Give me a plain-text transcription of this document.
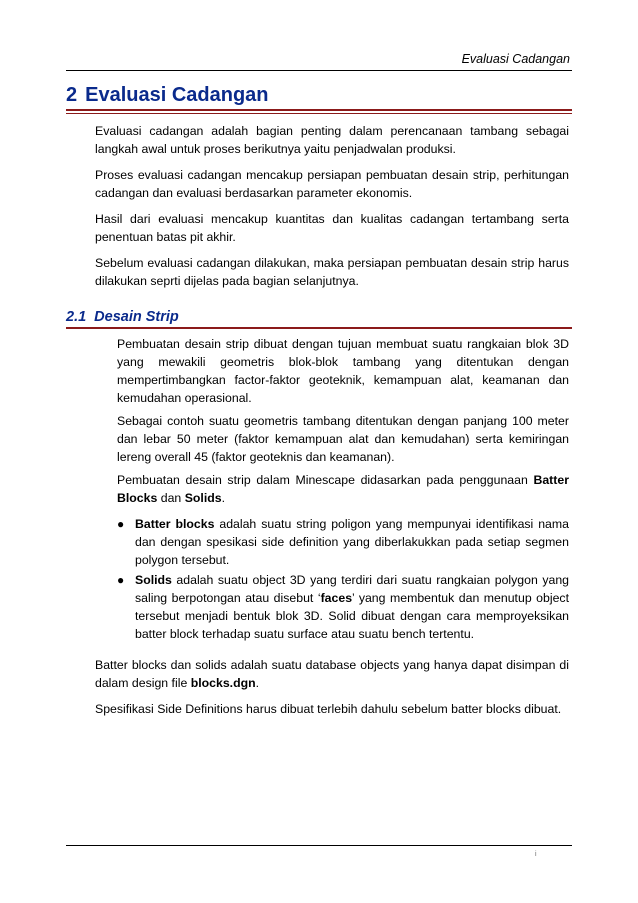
Evaluasi Cadangan
2 Evaluasi Cadangan

Evaluasi cadangan adalah bagian penting dalam perencanaan tambang sebagai langkah awal untuk proses berikutnya yaitu penjadwalan produksi.

Proses evaluasi cadangan mencakup persiapan pembuatan desain strip, perhitungan cadangan dan evaluasi berdasarkan parameter ekonomis.

Hasil dari evaluasi mencakup kuantitas dan kualitas cadangan tertambang serta penentuan batas pit akhir.

Sebelum evaluasi cadangan dilakukan, maka persiapan pembuatan desain strip harus dilakukan seprti dijelas pada bagian selanjutnya.

2.1 Desain Strip

Pembuatan desain strip dibuat dengan tujuan membuat suatu rangkaian blok 3D yang mewakili geometris blok-blok tambang yang ditentukan dengan mempertimbangkan factor-faktor geoteknik, kemampuan alat, keamanan dan kemudahan operasional.

Sebagai contoh suatu geometris tambang ditentukan dengan panjang 100 meter dan lebar 50 meter (faktor kemampuan alat dan kemudahan) serta kemiringan lereng overall 45 (faktor geoteknis dan keamanan).

Pembuatan desain strip dalam Minescape didasarkan pada penggunaan Batter Blocks dan Solids.

● Batter blocks adalah suatu string poligon yang mempunyai identifikasi nama dan dengan spesikasi side definition yang diberlakukkan pada setiap segmen polygon tersebut.
● Solids adalah suatu object 3D yang terdiri dari suatu rangkaian polygon yang saling berpotongan atau disebut ‘faces’ yang membentuk dan menutup object tersebut menjadi bentuk blok 3D. Solid dibuat dengan cara memproyeksikan batter block terhadap suatu surface atau suatu bench tertentu.

Batter blocks dan solids adalah suatu database objects yang hanya dapat disimpan di dalam design file blocks.dgn.

Spesifikasi Side Definitions harus dibuat terlebih dahulu sebelum batter blocks dibuat.

i
